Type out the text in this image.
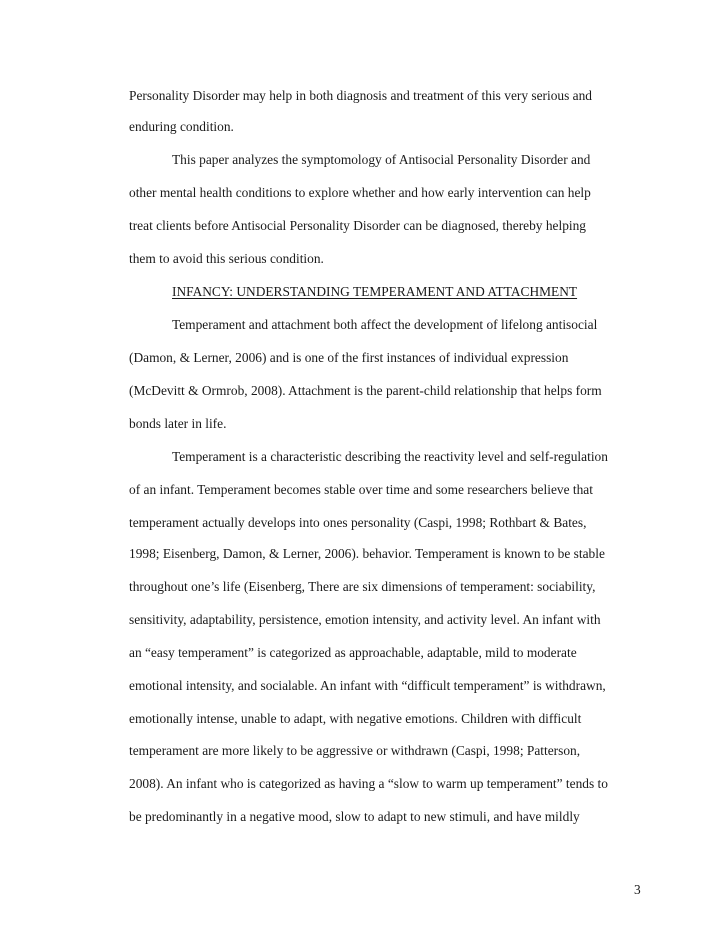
Personality Disorder may help in both diagnosis and treatment of this very serious and
enduring condition.
This paper analyzes the symptomology of Antisocial Personality Disorder and
other mental health conditions to explore whether and how early intervention can help
treat clients before Antisocial Personality Disorder can be diagnosed, thereby helping
them to avoid this serious condition.
INFANCY: UNDERSTANDING TEMPERAMENT AND ATTACHMENT
Temperament and attachment both affect the development of lifelong antisocial
(Damon, & Lerner, 2006) and is one of the first instances of individual expression
(McDevitt & Ormrob, 2008). Attachment is the parent-child relationship that helps form
bonds later in life.
Temperament is a characteristic describing the reactivity level and self-regulation
of an infant. Temperament becomes stable over time and some researchers believe that
temperament actually develops into ones personality (Caspi, 1998; Rothbart & Bates,
1998; Eisenberg, Damon, & Lerner, 2006). behavior. Temperament is known to be stable
throughout one’s life (Eisenberg, There are six dimensions of temperament: sociability,
sensitivity, adaptability, persistence, emotion intensity, and activity level. An infant with
an “easy temperament” is categorized as approachable, adaptable, mild to moderate
emotional intensity, and socialable. An infant with “difficult temperament” is withdrawn,
emotionally intense, unable to adapt, with negative emotions. Children with difficult
temperament are more likely to be aggressive or withdrawn (Caspi, 1998; Patterson,
2008). An infant who is categorized as having a “slow to warm up temperament” tends to
be predominantly in a negative mood, slow to adapt to new stimuli, and have mildly
3
